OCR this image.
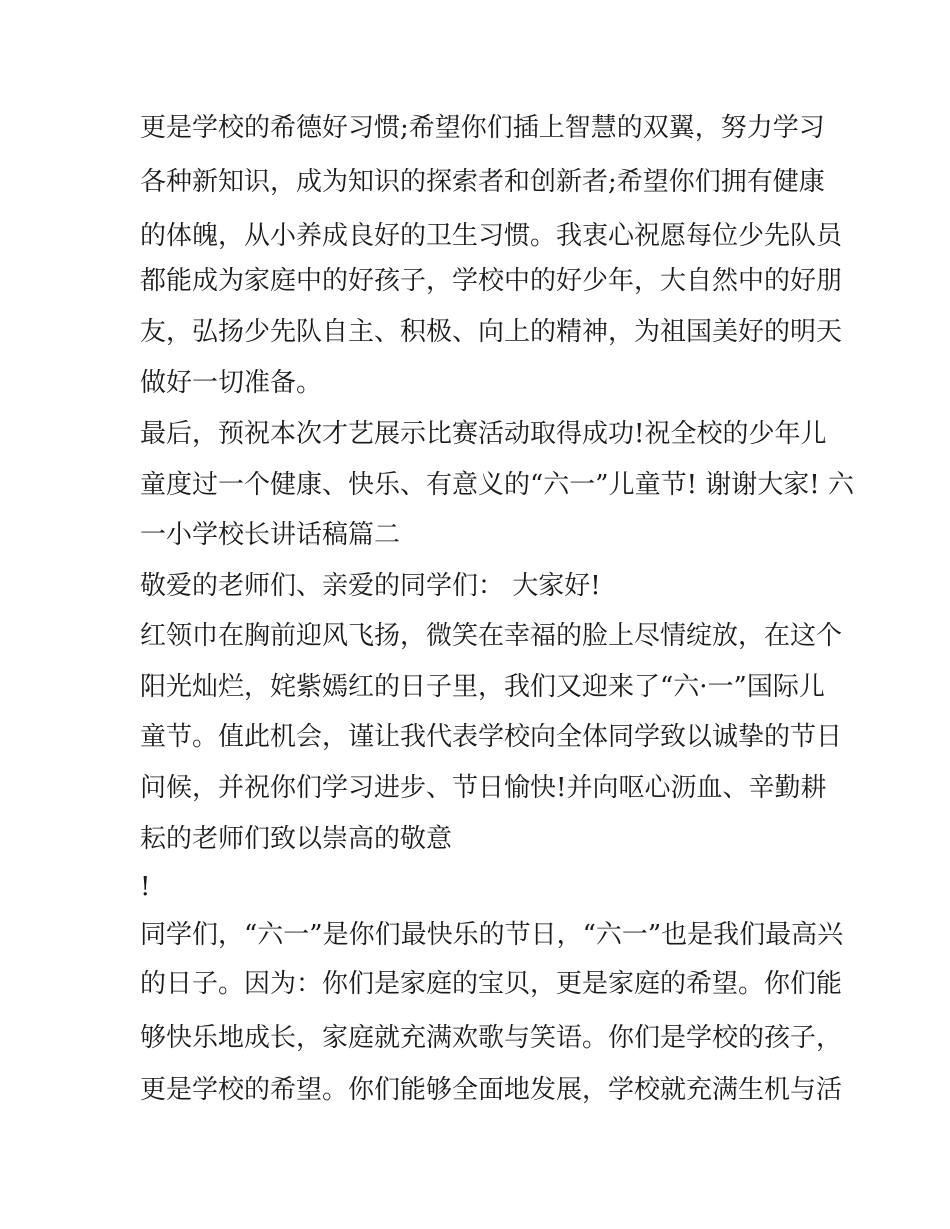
更是学校的希德好习惯;希望你们插上智慧的双翼，努力学习
各种新知识，成为知识的探索者和创新者;希望你们拥有健康
的体魄，从小养成良好的卫生习惯。我衷心祝愿每位少先队员
都能成为家庭中的好孩子，学校中的好少年，大自然中的好朋
友，弘扬少先队自主、积极、向上的精神，为祖国美好的明天
做好一切准备。
最后，预祝本次才艺展示比赛活动取得成功!祝全校的少年儿
童度过一个健康、快乐、有意义的“六一”儿童节! 谢谢大家! 六
一小学校长讲话稿篇二
敬爱的老师们、亲爱的同学们： 大家好!
红领巾在胸前迎风飞扬，微笑在幸福的脸上尽情绽放，在这个
阳光灿烂，姹紫嫣红的日子里，我们又迎来了“六·一”国际儿
童节。值此机会，谨让我代表学校向全体同学致以诚挚的节日
问候，并祝你们学习进步、节日愉快!并向呕心沥血、辛勤耕
耘的老师们致以崇高的敬意
!
同学们，“六一”是你们最快乐的节日，“六一”也是我们最高兴
的日子。因为：你们是家庭的宝贝，更是家庭的希望。你们能
够快乐地成长，家庭就充满欢歌与笑语。你们是学校的孩子，
更是学校的希望。你们能够全面地发展，学校就充满生机与活
